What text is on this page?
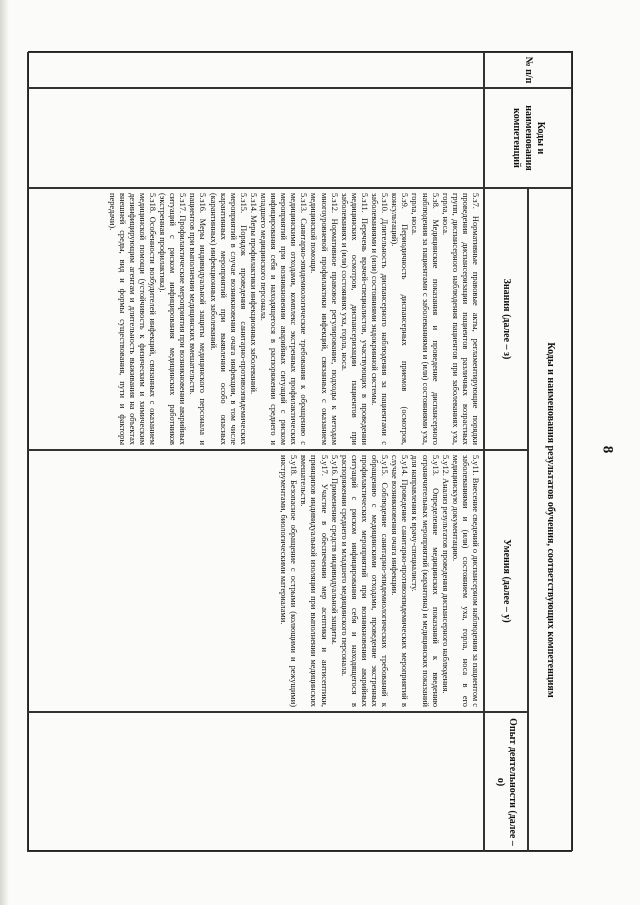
8
№ п/п
Коды и наименования компетенций
Коды и наименования результатов обучения, соответствующих компетенциям
Знания (далее – з)
Умения (далее – у)
Опыт деятельности (далее – о)

5.з7. Нормативные правовые акты, регламентирующие порядки проведения диспансеризации пациентов различных возрастных групп, диспансерного наблюдения пациентов при заболеваниях уха, горла, носа.

5.з8. Медицинские показания и проведение диспансерного наблюдения за пациентами с заболеваниями и (или) состояниями уха, горла, носа.

5.з9. Периодичность диспансерных приемов (осмотров, консультаций).

5.з10. Длительность диспансерного наблюдения за пациентами с заболеваниями и (или) состояниями эндокринной системы.

5.з11. Перечень врачей-специалистов, участвующих в проведении медицинских осмотров, диспансеризации пациентов при заболеваниях и (или) состояниях уха, горла, носа.

5.з12. Нормативное правовое регулирование, подходы к методам многоуровневой профилактики инфекций, связанных с оказанием медицинской помощи.

5.з13. Санитарно-эпидемиологические требования к обращению с медицинскими отходами, комплекс экстренных профилактических мероприятий при возникновении аварийных ситуаций с риском инфицирования себя и находящегося в распоряжении среднего и младшего медицинского персонала.

5.з14. Меры профилактики инфекционных заболеваний.

5.з15. Порядок проведения санитарно-противоэпидемических мероприятий в случае возникновения очага инфекции, в том числе карантинных мероприятий при выявлении особо опасных (карантинных) инфекционных заболеваний.

5.з16. Меры индивидуальной защиты медицинского персонала и пациентов при выполнении медицинских вмешательств.

5.з17. Профилактические мероприятия при возникновении аварийных ситуаций с риском инфицирования медицинских работников (экстренная профилактика).

5.з18. Особенности возбудителей инфекций, связанных с оказанием медицинской помощи (устойчивость к физическим и химическим дезинфицирующим агентам и длительность выживания на объектах внешней среды, вид и формы существования, пути и факторы передачи).

5.у11. Внесение сведений о диспансерном наблюдении за пациентом с заболеваниями и (или) состоянием уха, горла, носа в его медицинскую документацию.

5.у12. Анализ результатов проведения диспансерного наблюдения.

5.у13. Определение медицинских показаний к введению ограничительных мероприятий (карантина) и медицинских показаний для направления к врачу-специалисту.

5.у14. Проведение санитарно-противоэпидемических мероприятий в случае возникновения очага инфекции.

5.у15. Соблюдение санитарно-эпидемиологических требований к обращению с медицинскими отходами, проведение экстренных профилактических мероприятий при возникновении аварийных ситуаций с риском инфицирования себя и находящегося в распоряжении среднего и младшего медицинского персонала.

5.у16. Применение средств индивидуальной защиты.

5.у17. Участие в обеспечении мер асептики и антисептики, принципов индивидуальной изоляции при выполнении медицинских вмешательств.

5.у18. Безопасное обращение с острыми (колющими и режущими) инструментами, биологическими материалами.
